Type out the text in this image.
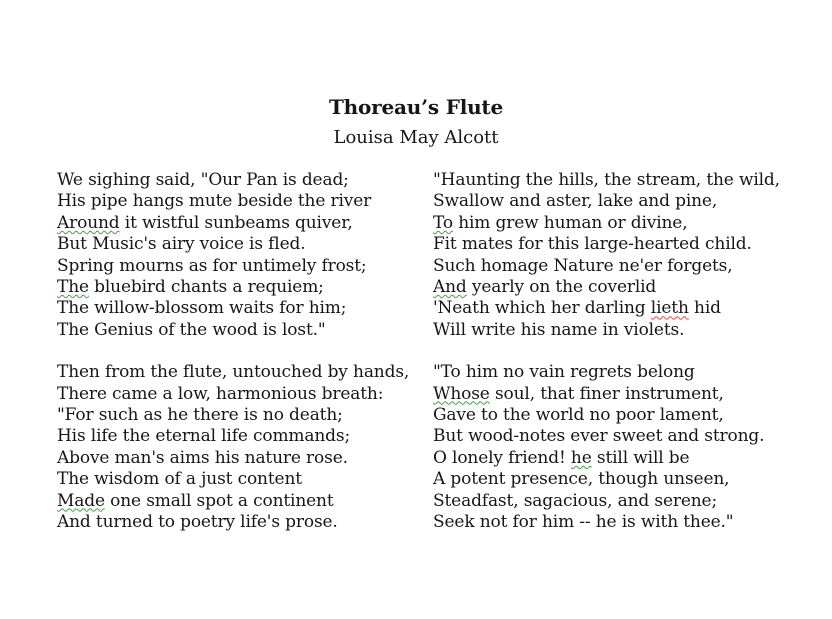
Thoreau’s Flute
Louisa May Alcott
We sighing said, "Our Pan is dead;
His pipe hangs mute beside the river
Around it wistful sunbeams quiver,
But Music's airy voice is fled.
Spring mourns as for untimely frost;
The bluebird chants a requiem;
The willow-blossom waits for him;
The Genius of the wood is lost."
Then from the flute, untouched by hands,
There came a low, harmonious breath:
"For such as he there is no death;
His life the eternal life commands;
Above man's aims his nature rose.
The wisdom of a just content
Made one small spot a continent
And turned to poetry life's prose.
"Haunting the hills, the stream, the wild,
Swallow and aster, lake and pine,
To him grew human or divine,
Fit mates for this large-hearted child.
Such homage Nature ne'er forgets,
And yearly on the coverlid
'Neath which her darling lieth hid
Will write his name in violets.
"To him no vain regrets belong
Whose soul, that finer instrument,
Gave to the world no poor lament,
But wood-notes ever sweet and strong.
O lonely friend! he still will be
A potent presence, though unseen,
Steadfast, sagacious, and serene;
Seek not for him -- he is with thee."
